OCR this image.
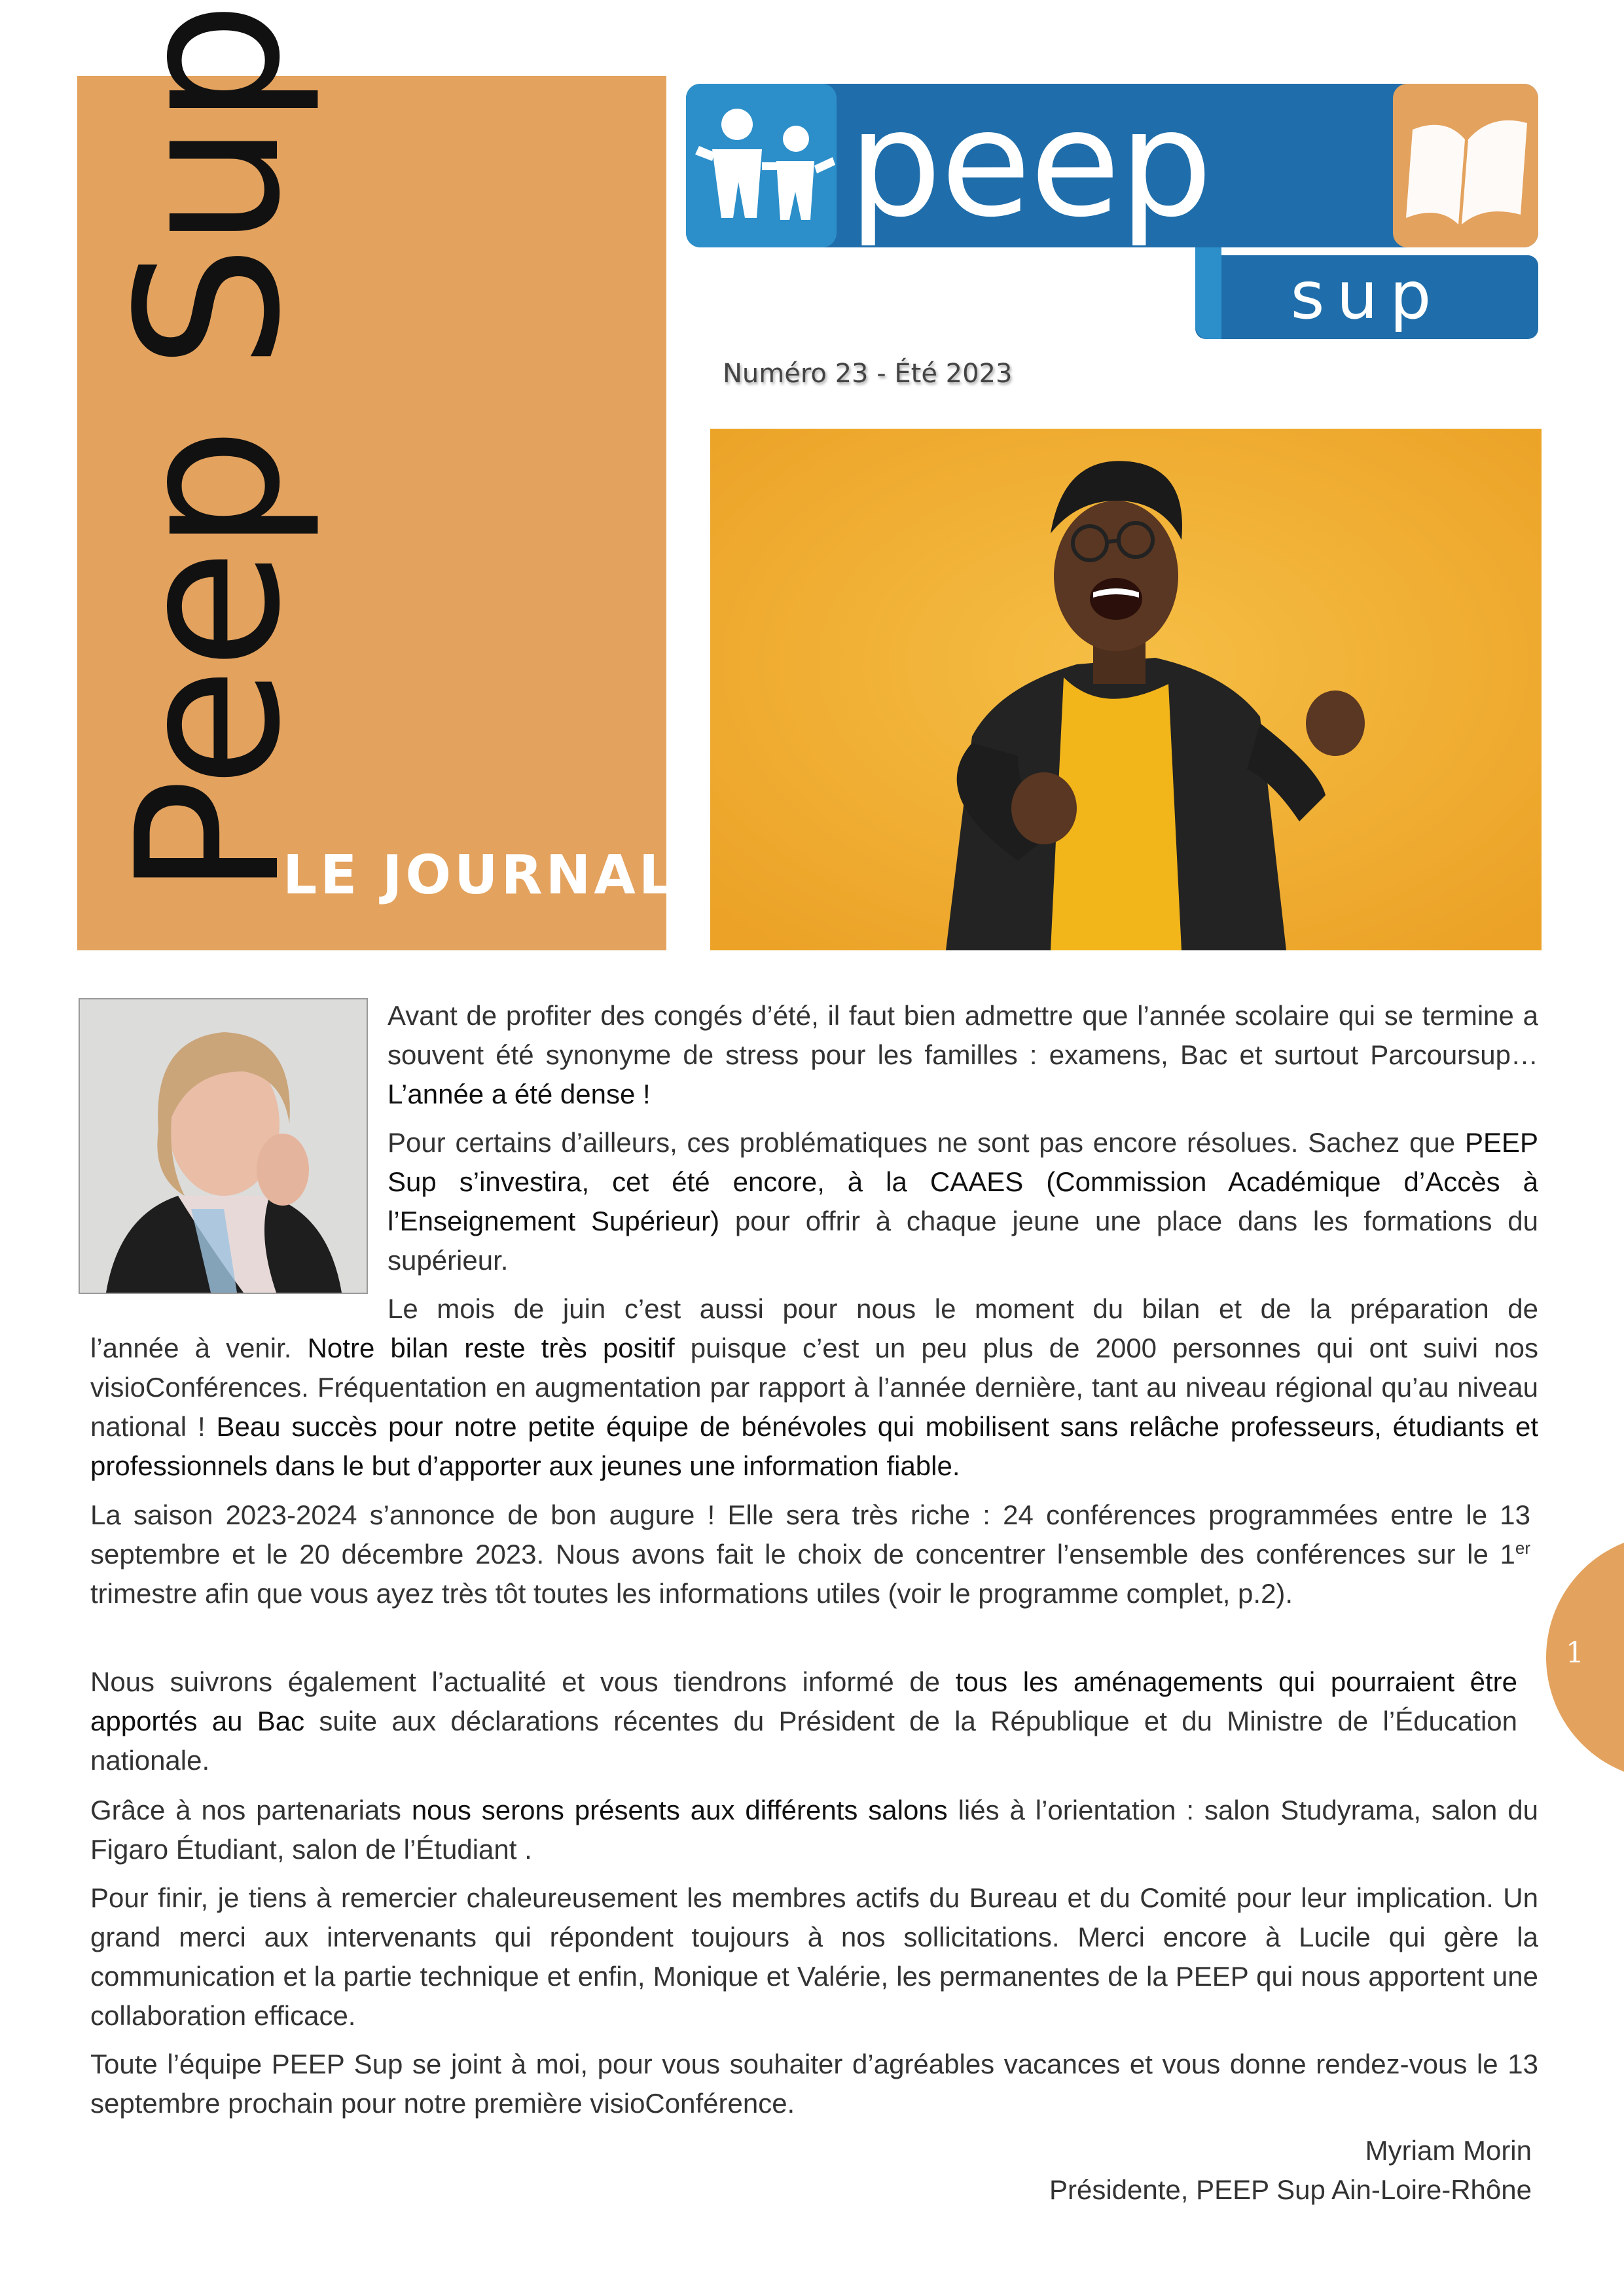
Peep Sup
LE JOURNAL
peep
sup
Numéro 23 - Été 2023

Avant de profiter des congés d’été, il faut bien admettre que l’année scolaire qui se termine a souvent été synonyme de stress pour les familles : examens, Bac et surtout Parcoursup… L’année a été dense !

Pour certains d’ailleurs, ces problématiques ne sont pas encore résolues. Sachez que PEEP Sup s’investira, cet été encore, à la CAAES (Commission Académique d’Accès à l’Enseignement Supérieur) pour offrir à chaque jeune une place dans les formations du supérieur.

Le mois de juin c’est aussi pour nous le moment du bilan et de la préparation de

l’année à venir. Notre bilan reste très positif puisque c’est un peu plus de 2000 personnes qui ont suivi nos visioConférences. Fréquentation en augmentation par rapport à l’année dernière, tant au niveau régional qu’au niveau national ! Beau succès pour notre petite équipe de bénévoles qui mobilisent sans relâche professeurs, étudiants et professionnels dans le but d’apporter aux jeunes une information fiable.

La saison 2023-2024 s’annonce de bon augure ! Elle sera très riche : 24 conférences programmées entre le 13 septembre et le 20 décembre 2023. Nous avons fait le choix de concentrer l’ensemble des conférences sur le 1er trimestre afin que vous ayez très tôt toutes les informations utiles (voir le programme complet, p.2).

Nous suivrons également l’actualité et vous tiendrons informé de tous les aménagements qui pourraient être apportés au Bac suite aux déclarations récentes du Président de la République et du Ministre de l’Éducation nationale.

Grâce à nos partenariats nous serons présents aux différents salons liés à l’orientation : salon Studyrama, salon du Figaro Étudiant, salon de l’Étudiant .

Pour finir, je tiens à remercier chaleureusement les membres actifs du Bureau et du Comité pour leur implication. Un grand merci aux intervenants qui répondent toujours à nos sollicitations. Merci encore à Lucile qui gère la communication et la partie technique et enfin, Monique et Valérie, les permanentes de la PEEP qui nous apportent une collaboration efficace.

Toute l’équipe PEEP Sup se joint à moi, pour vous souhaiter d’agréables vacances et vous donne rendez-vous le 13 septembre prochain pour notre première visioConférence.

Myriam Morin
Présidente, PEEP Sup Ain-Loire-Rhône
1
